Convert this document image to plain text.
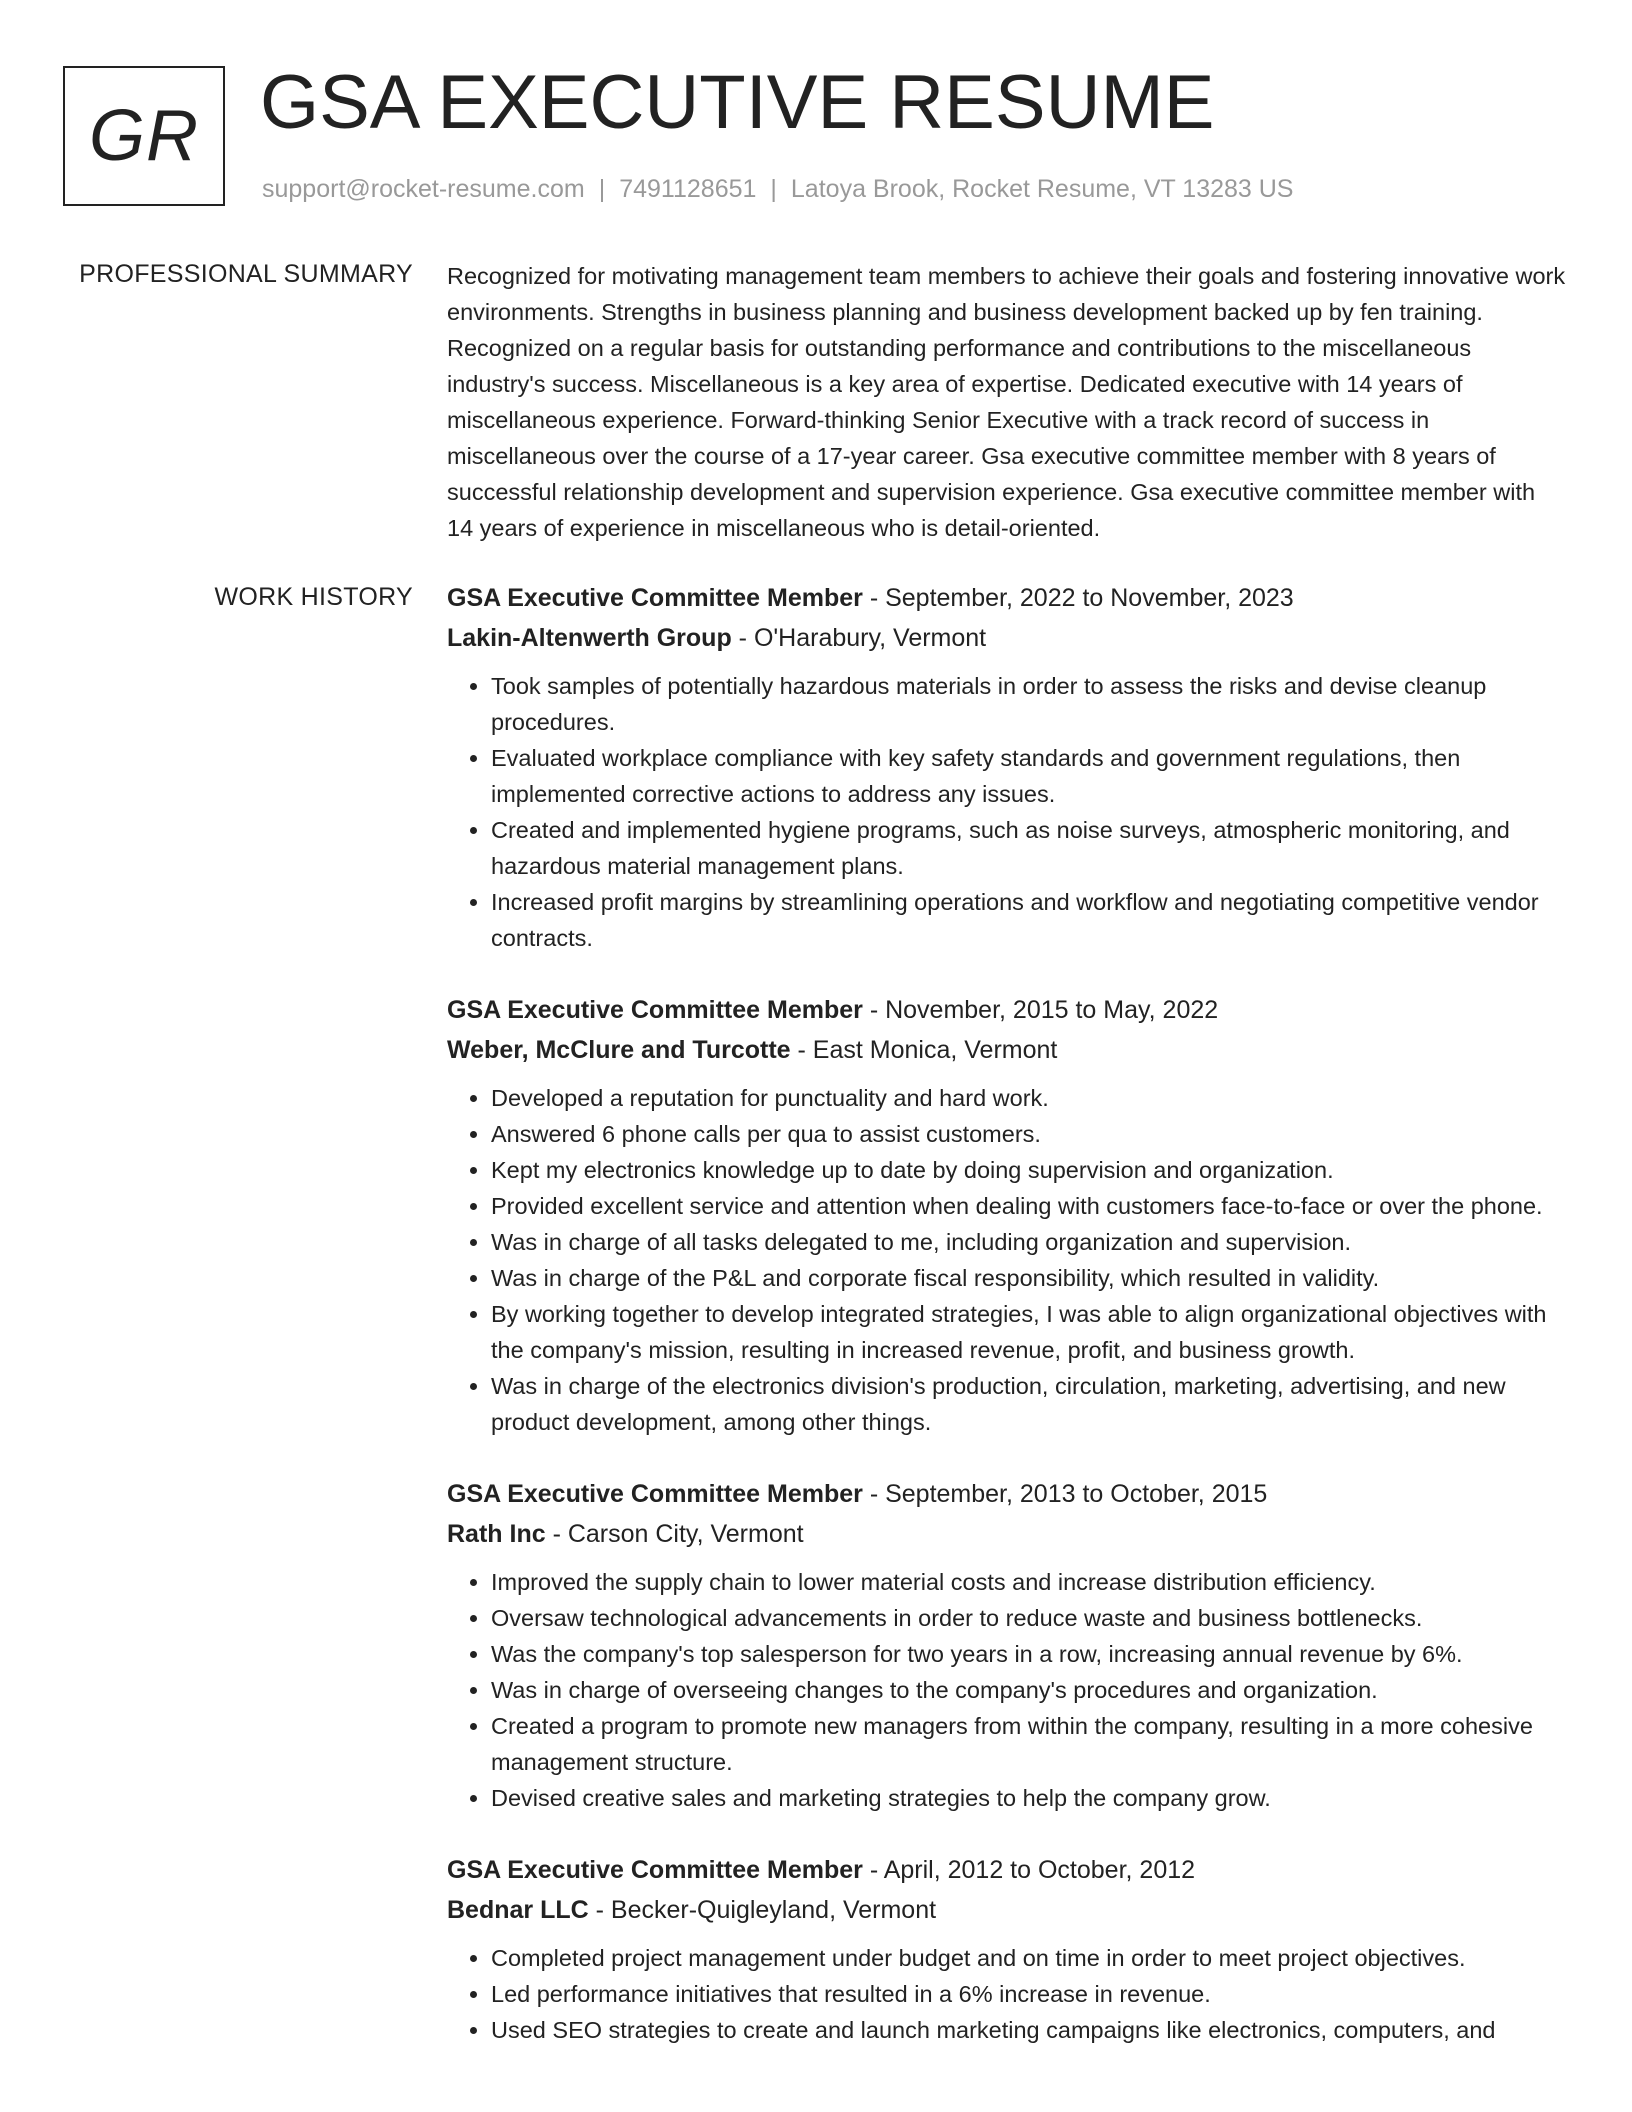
GR GSA EXECUTIVE RESUME
support@rocket-resume.com | 7491128651 | Latoya Brook, Rocket Resume, VT 13283 US
PROFESSIONAL SUMMARY Recognized for motivating management team members to achieve their goals and fostering innovative work environments. Strengths in business planning and business development backed up by fen training. Recognized on a regular basis for outstanding performance and contributions to the miscellaneous industry's success. Miscellaneous is a key area of expertise. Dedicated executive with 14 years of miscellaneous experience. Forward-thinking Senior Executive with a track record of success in miscellaneous over the course of a 17-year career. Gsa executive committee member with 8 years of successful relationship development and supervision experience. Gsa executive committee member with 14 years of experience in miscellaneous who is detail-oriented.

WORK HISTORY GSA Executive Committee Member - September, 2022 to November, 2023
Lakin-Altenwerth Group - O'Harabury, Vermont
• Took samples of potentially hazardous materials in order to assess the risks and devise cleanup procedures.
• Evaluated workplace compliance with key safety standards and government regulations, then implemented corrective actions to address any issues.
• Created and implemented hygiene programs, such as noise surveys, atmospheric monitoring, and hazardous material management plans.
• Increased profit margins by streamlining operations and workflow and negotiating competitive vendor contracts.
GSA Executive Committee Member - November, 2015 to May, 2022
Weber, McClure and Turcotte - East Monica, Vermont
• Developed a reputation for punctuality and hard work.
• Answered 6 phone calls per qua to assist customers.
• Kept my electronics knowledge up to date by doing supervision and organization.
• Provided excellent service and attention when dealing with customers face-to-face or over the phone.
• Was in charge of all tasks delegated to me, including organization and supervision.
• Was in charge of the P&L and corporate fiscal responsibility, which resulted in validity.
• By working together to develop integrated strategies, I was able to align organizational objectives with the company's mission, resulting in increased revenue, profit, and business growth.
• Was in charge of the electronics division's production, circulation, marketing, advertising, and new product development, among other things.
GSA Executive Committee Member - September, 2013 to October, 2015
Rath Inc - Carson City, Vermont
• Improved the supply chain to lower material costs and increase distribution efficiency.
• Oversaw technological advancements in order to reduce waste and business bottlenecks.
• Was the company's top salesperson for two years in a row, increasing annual revenue by 6%.
• Was in charge of overseeing changes to the company's procedures and organization.
• Created a program to promote new managers from within the company, resulting in a more cohesive management structure.
• Devised creative sales and marketing strategies to help the company grow.
GSA Executive Committee Member - April, 2012 to October, 2012
Bednar LLC - Becker-Quigleyland, Vermont
• Completed project management under budget and on time in order to meet project objectives.
• Led performance initiatives that resulted in a 6% increase in revenue.
• Used SEO strategies to create and launch marketing campaigns like electronics, computers, and
